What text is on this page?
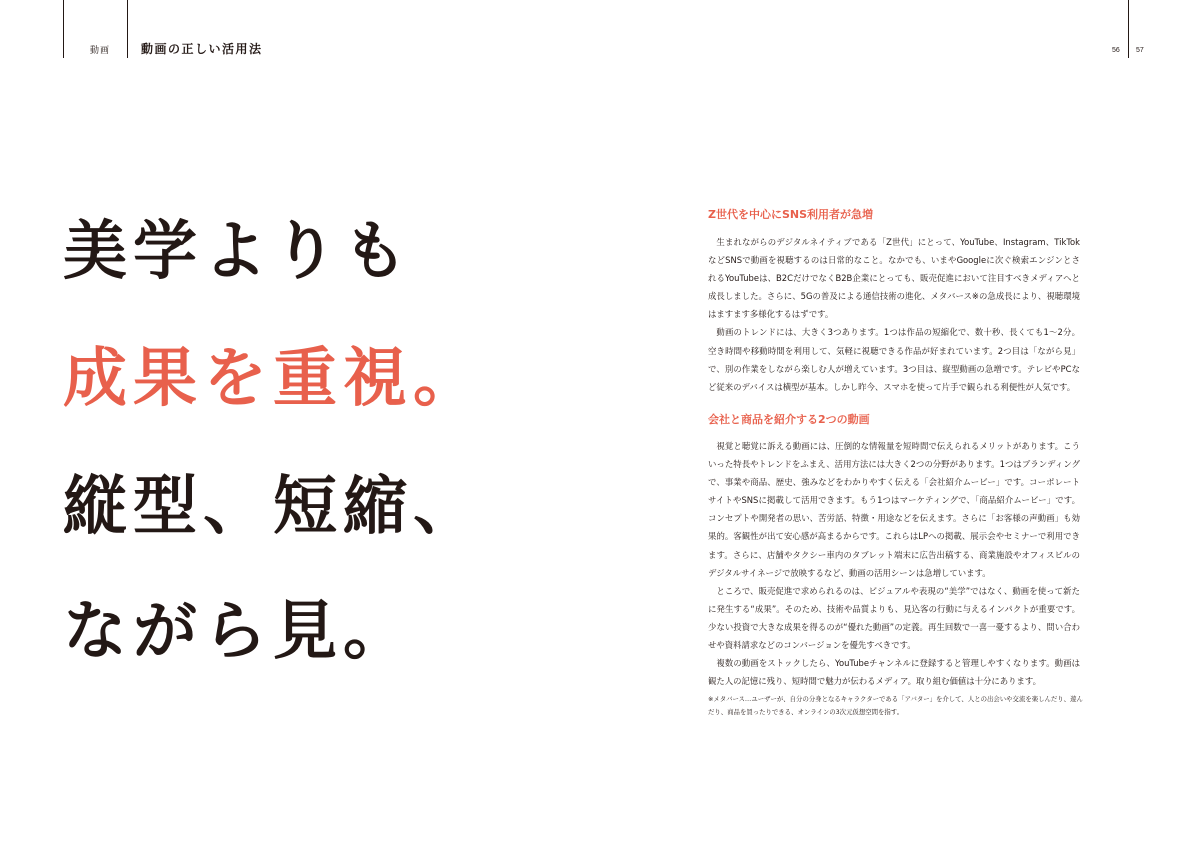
動画	動画の正しい活用法	56 57
美学よりも
成果を重視。
縦型、短縮、
ながら見。
Z世代を中心にSNS利用者が急増

生まれながらのデジタルネイティブである「Z世代」にとって、YouTube、Instagram、TikTokなどSNSで動画を視聴するのは日常的なこと。なかでも、いまやGoogleに次ぐ検索エンジンとされるYouTubeは、B2CだけでなくB2B企業にとっても、販売促進において注目すべきメディアへと成長しました。さらに、5Gの普及による通信技術の進化、メタバース※の急成長により、視聴環境はますます多様化するはずです。

動画のトレンドには、大きく3つあります。1つは作品の短縮化で、数十秒、長くても1〜2分。空き時間や移動時間を利用して、気軽に視聴できる作品が好まれています。2つ目は「ながら見」で、別の作業をしながら楽しむ人が増えています。3つ目は、縦型動画の急増です。テレビやPCなど従来のデバイスは横型が基本。しかし昨今、スマホを使って片手で観られる利便性が人気です。

会社と商品を紹介する2つの動画

視覚と聴覚に訴える動画には、圧倒的な情報量を短時間で伝えられるメリットがあります。こういった特長やトレンドをふまえ、活用方法には大きく2つの分野があります。1つはブランディングで、事業や商品、歴史、強みなどをわかりやすく伝える「会社紹介ムービー」です。コーポレートサイトやSNSに掲載して活用できます。もう1つはマーケティングで、「商品紹介ムービー」です。コンセプトや開発者の思い、苦労話、特徴・用途などを伝えます。さらに「お客様の声動画」も効果的。客観性が出て安心感が高まるからです。これらはLPへの掲載、展示会やセミナーで利用できます。さらに、店舗やタクシー車内のタブレット端末に広告出稿する、商業施設やオフィスビルのデジタルサイネージで放映するなど、動画の活用シーンは急増しています。

ところで、販売促進で求められるのは、ビジュアルや表現の“美学”ではなく、動画を使って新たに発生する“成果”。そのため、技術や品質よりも、見込客の行動に与えるインパクトが重要です。少ない投資で大きな成果を得るのが“優れた動画”の定義。再生回数で一喜一憂するより、問い合わせや資料請求などのコンバージョンを優先すべきです。

複数の動画をストックしたら、YouTubeチャンネルに登録すると管理しやすくなります。動画は観た人の記憶に残り、短時間で魅力が伝わるメディア。取り組む価値は十分にあります。

※メタバース…ユーザーが、自分の分身となるキャラクターである「アバター」を介して、人との出会いや交流を楽しんだり、遊んだり、商品を買ったりできる、オンラインの3次元仮想空間を指す。
